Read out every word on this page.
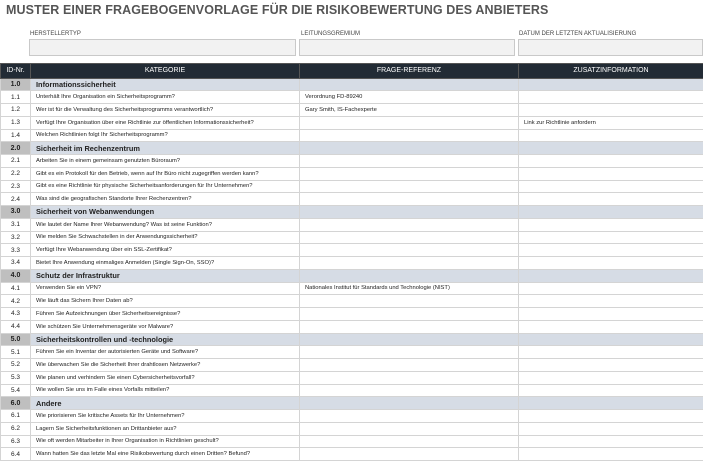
MUSTER EINER FRAGEBOGENVORLAGE FÜR DIE RISIKOBEWERTUNG DES ANBIETERS
HERSTELLERTYP	LEITUNGSGREMIUM	DATUM DER LETZTEN AKTUALISIERUNG
ID-Nr.	KATEGORIE	FRAGE-REFERENZ	ZUSATZINFORMATION
1.0	Informationssicherheit		
1.1	Unterhält Ihre Organisation ein Sicherheitsprogramm?	Verordnung FD-89240	
1.2	Wer ist für die Verwaltung des Sicherheitsprogramms verantwortlich?	Gary Smith, IS-Fachexperte	
1.3	Verfügt Ihre Organisation über eine Richtlinie zur öffentlichen Informationssicherheit?		Link zur Richtlinie anfordern
1.4	Welchen Richtlinien folgt Ihr Sicherheitsprogramm?		
2.0	Sicherheit im Rechenzentrum		
2.1	Arbeiten Sie in einem gemeinsam genutzten Büroraum?		
2.2	Gibt es ein Protokoll für den Betrieb, wenn auf Ihr Büro nicht zugegriffen werden kann?		
2.3	Gibt es eine Richtlinie für physische Sicherheitsanforderungen für Ihr Unternehmen?		
2.4	Was sind die geografischen Standorte Ihrer Rechenzentren?		
3.0	Sicherheit von Webanwendungen		
3.1	Wie lautet der Name Ihrer Webanwendung? Was ist seine Funktion?		
3.2	Wie melden Sie Schwachstellen in der Anwendungssicherheit?		
3.3	Verfügt Ihre Webanwendung über ein SSL-Zertifikat?		
3.4	Bietet Ihre Anwendung einmaliges Anmelden (Single Sign-On, SSO)?		
4.0	Schutz der Infrastruktur		
4.1	Verwenden Sie ein VPN?	Nationales Institut für Standards und Technologie (NIST)	
4.2	Wie läuft das Sichern Ihrer Daten ab?		
4.3	Führen Sie Aufzeichnungen über Sicherheitsereignisse?		
4.4	Wie schützen Sie Unternehmensgeräte vor Malware?		
5.0	Sicherheitskontrollen und -technologie		
5.1	Führen Sie ein Inventar der autorisierten Geräte und Software?		
5.2	Wie überwachen Sie die Sicherheit Ihrer drahtlosen Netzwerke?		
5.3	Wie planen und verhindern Sie einen Cybersicherheitsvorfall?		
5.4	Wie wollen Sie uns im Falle eines Vorfalls mitteilen?		
6.0	Andere		
6.1	Wie priorisieren Sie kritische Assets für Ihr Unternehmen?		
6.2	Lagern Sie Sicherheitsfunktionen an Drittanbieter aus?		
6.3	Wie oft werden Mitarbeiter in Ihrer Organisation in Richtlinien geschult?		
6.4	Wann hatten Sie das letzte Mal eine Risikobewertung durch einen Dritten? Befund?		
